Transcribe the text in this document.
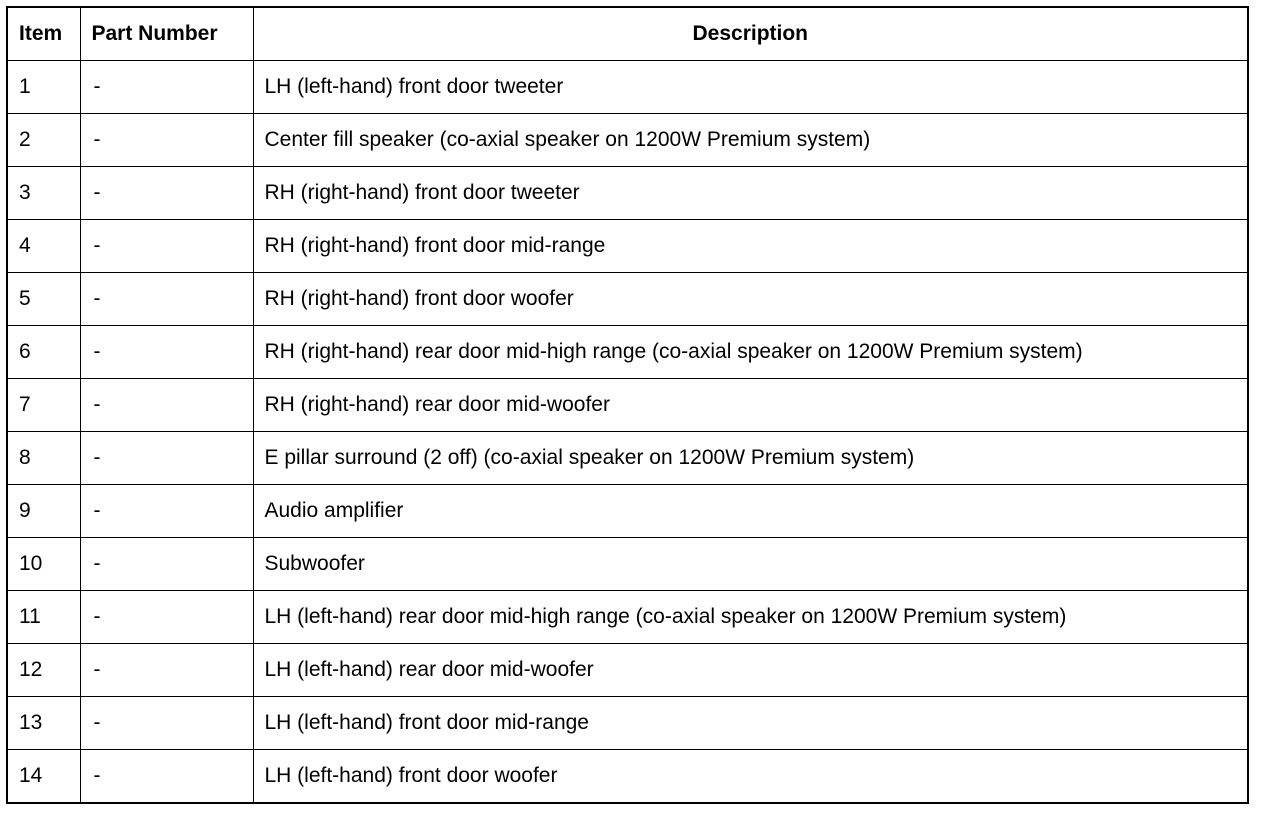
Item	Part Number	Description
1	-	LH (left-hand) front door tweeter
2	-	Center fill speaker (co-axial speaker on 1200W Premium system)
3	-	RH (right-hand) front door tweeter
4	-	RH (right-hand) front door mid-range
5	-	RH (right-hand) front door woofer
6	-	RH (right-hand) rear door mid-high range (co-axial speaker on 1200W Premium system)
7	-	RH (right-hand) rear door mid-woofer
8	-	E pillar surround (2 off) (co-axial speaker on 1200W Premium system)
9	-	Audio amplifier
10	-	Subwoofer
11	-	LH (left-hand) rear door mid-high range (co-axial speaker on 1200W Premium system)
12	-	LH (left-hand) rear door mid-woofer
13	-	LH (left-hand) front door mid-range
14	-	LH (left-hand) front door woofer
